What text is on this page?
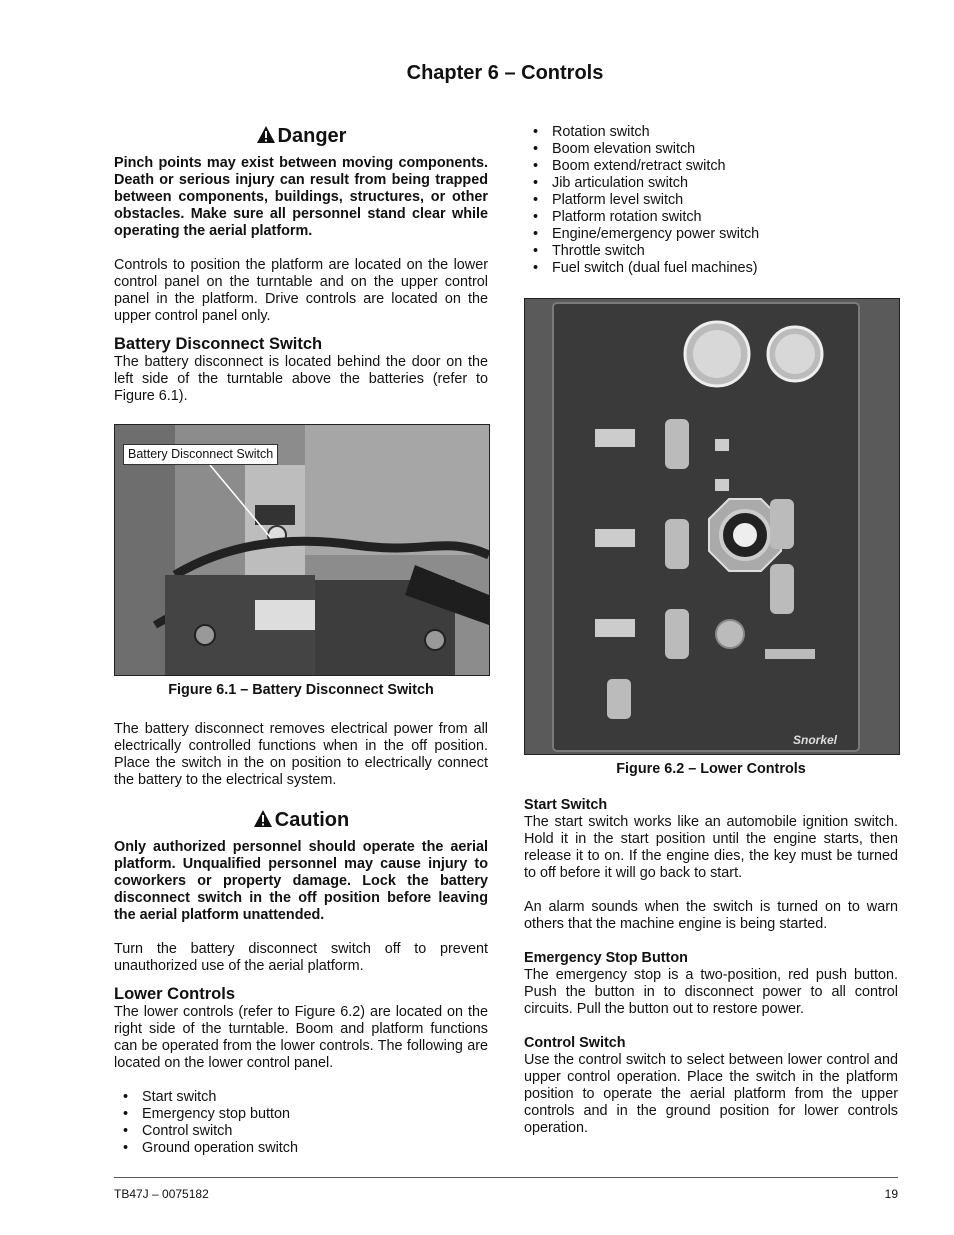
Chapter 6 – Controls
Danger

Pinch points may exist between moving components. Death or serious injury can result from being trapped between components, buildings, structures, or other obstacles. Make sure all personnel stand clear while operating the aerial platform.

Controls to position the platform are located on the lower control panel on the turntable and on the upper control panel in the platform. Drive controls are located on the upper control panel only.

Battery Disconnect Switch

The battery disconnect is located behind the door on the left side of the turntable above the batteries (refer to Figure 6.1).

Battery Disconnect Switch
Figure 6.1 – Battery Disconnect Switch

The battery disconnect removes electrical power from all electrically controlled functions when in the off position. Place the switch in the on position to electrically connect the battery to the electrical system.

Caution

Only authorized personnel should operate the aerial platform. Unqualified personnel may cause injury to coworkers or property damage. Lock the battery disconnect switch in the off position before leaving the aerial platform unattended.

Turn the battery disconnect switch off to prevent unauthorized use of the aerial platform.

Lower Controls

The lower controls (refer to Figure 6.2) are located on the right side of the turntable. Boom and platform functions can be operated from the lower controls. The following are located on the lower control panel.

• Start switch
• Emergency stop button
• Control switch
• Ground operation switch
• Rotation switch
• Boom elevation switch
• Boom extend/retract switch
• Jib articulation switch
• Platform level switch
• Platform rotation switch
• Engine/emergency power switch
• Throttle switch
• Fuel switch (dual fuel machines)
Snorkel
Figure 6.2 – Lower Controls
Start Switch

The start switch works like an automobile ignition switch. Hold it in the start position until the engine starts, then release it to on. If the engine dies, the key must be turned to off before it will go back to start.

An alarm sounds when the switch is turned on to warn others that the machine engine is being started.

Emergency Stop Button

The emergency stop is a two-position, red push button. Push the button in to disconnect power to all control circuits. Pull the button out to restore power.

Control Switch

Use the control switch to select between lower control and upper control operation. Place the switch in the platform position to operate the aerial platform from the upper controls and in the ground position for lower controls operation.

TB47J – 0075182	19
